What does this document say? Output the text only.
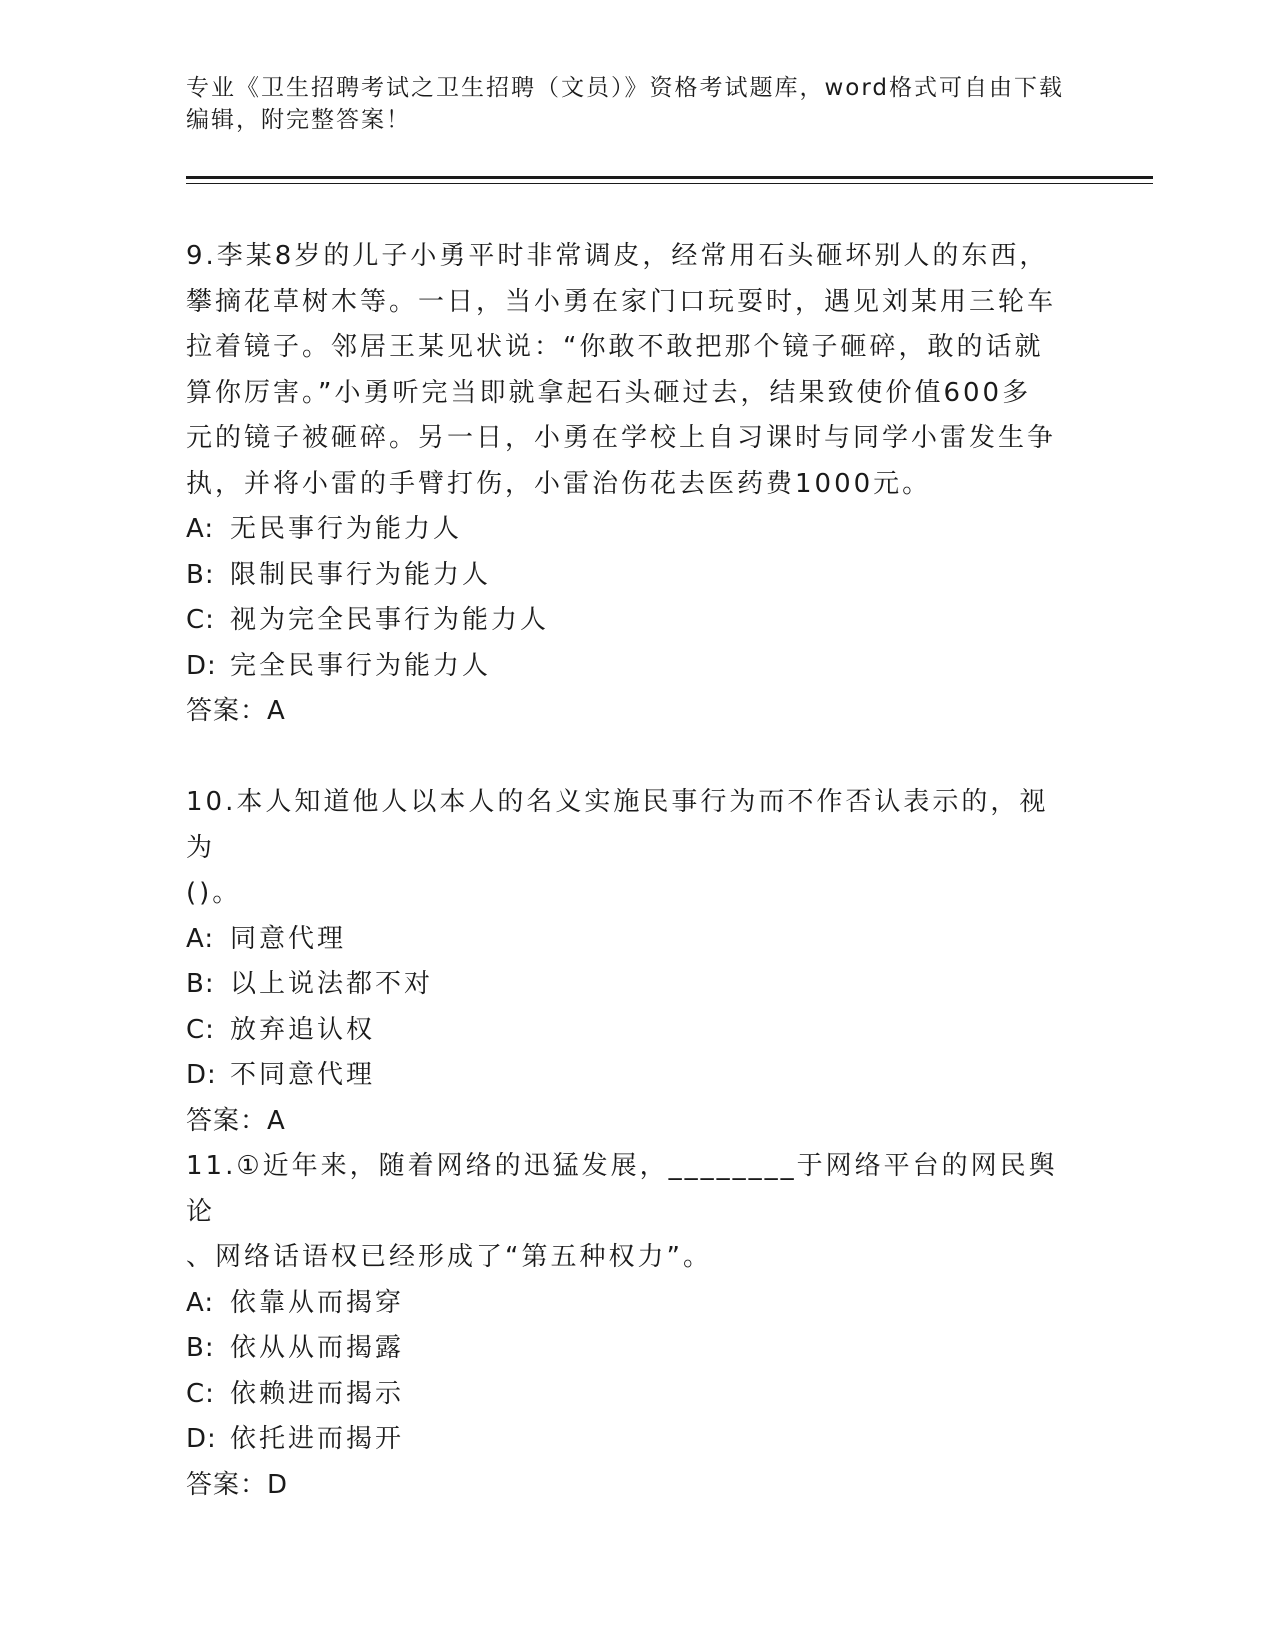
专业《卫生招聘考试之卫生招聘（文员）》资格考试题库，word格式可自由下载
编辑，附完整答案！
9.李某8岁的儿子小勇平时非常调皮，经常用石头砸坏别人的东西，
攀摘花草树木等。一日，当小勇在家门口玩耍时，遇见刘某用三轮车
拉着镜子。邻居王某见状说：“你敢不敢把那个镜子砸碎，敢的话就
算你厉害。”小勇听完当即就拿起石头砸过去，结果致使价值600多
元的镜子被砸碎。另一日，小勇在学校上自习课时与同学小雷发生争
执，并将小雷的手臂打伤，小雷治伤花去医药费1000元。
A: 无民事行为能力人
B: 限制民事行为能力人
C: 视为完全民事行为能力人
D: 完全民事行为能力人
答案：A
10.本人知道他人以本人的名义实施民事行为而不作否认表示的，视为
()。
A: 同意代理
B: 以上说法都不对
C: 放弃追认权
D: 不同意代理
答案：A
11.①近年来，随着网络的迅猛发展，________于网络平台的网民舆论
、网络话语权已经形成了“第五种权力”。
A: 依靠从而揭穿
B: 依从从而揭露
C: 依赖进而揭示
D: 依托进而揭开
答案：D
